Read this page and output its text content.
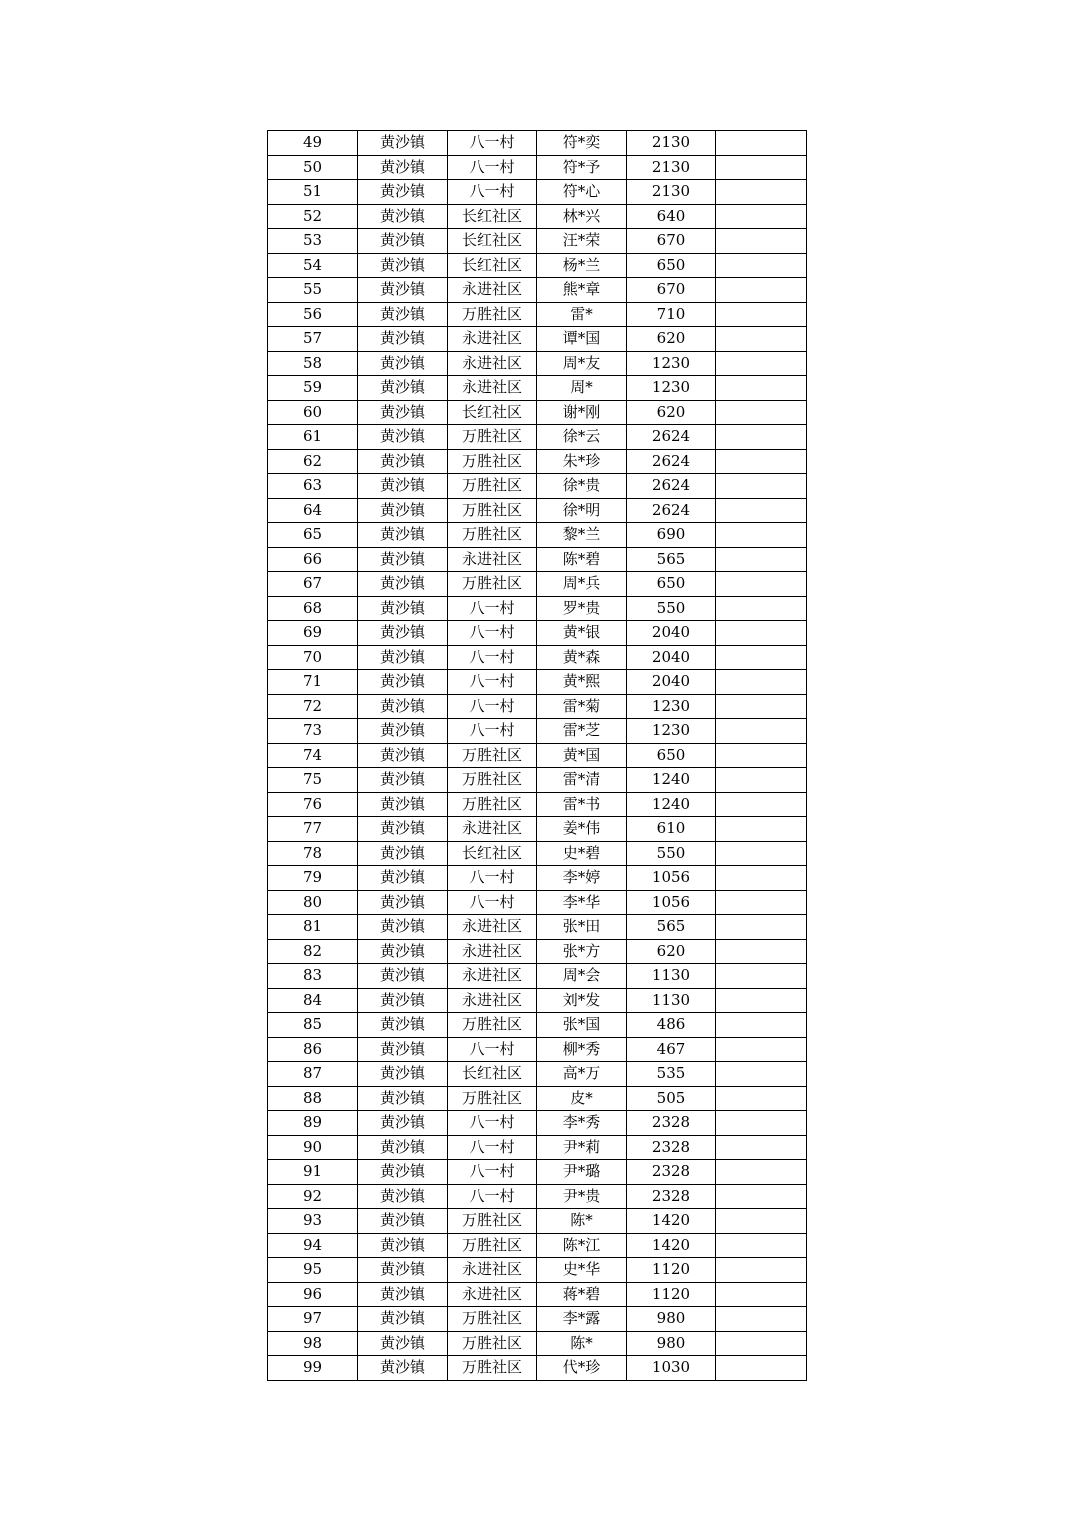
49	黄沙镇	八一村	符*奕	2130	
50	黄沙镇	八一村	符*予	2130	
51	黄沙镇	八一村	符*心	2130	
52	黄沙镇	长红社区	林*兴	640	
53	黄沙镇	长红社区	汪*荣	670	
54	黄沙镇	长红社区	杨*兰	650	
55	黄沙镇	永进社区	熊*章	670	
56	黄沙镇	万胜社区	雷*	710	
57	黄沙镇	永进社区	谭*国	620	
58	黄沙镇	永进社区	周*友	1230	
59	黄沙镇	永进社区	周*	1230	
60	黄沙镇	长红社区	谢*刚	620	
61	黄沙镇	万胜社区	徐*云	2624	
62	黄沙镇	万胜社区	朱*珍	2624	
63	黄沙镇	万胜社区	徐*贵	2624	
64	黄沙镇	万胜社区	徐*明	2624	
65	黄沙镇	万胜社区	黎*兰	690	
66	黄沙镇	永进社区	陈*碧	565	
67	黄沙镇	万胜社区	周*兵	650	
68	黄沙镇	八一村	罗*贵	550	
69	黄沙镇	八一村	黄*银	2040	
70	黄沙镇	八一村	黄*森	2040	
71	黄沙镇	八一村	黄*熙	2040	
72	黄沙镇	八一村	雷*菊	1230	
73	黄沙镇	八一村	雷*芝	1230	
74	黄沙镇	万胜社区	黄*国	650	
75	黄沙镇	万胜社区	雷*清	1240	
76	黄沙镇	万胜社区	雷*书	1240	
77	黄沙镇	永进社区	姜*伟	610	
78	黄沙镇	长红社区	史*碧	550	
79	黄沙镇	八一村	李*婷	1056	
80	黄沙镇	八一村	李*华	1056	
81	黄沙镇	永进社区	张*田	565	
82	黄沙镇	永进社区	张*方	620	
83	黄沙镇	永进社区	周*会	1130	
84	黄沙镇	永进社区	刘*发	1130	
85	黄沙镇	万胜社区	张*国	486	
86	黄沙镇	八一村	柳*秀	467	
87	黄沙镇	长红社区	高*万	535	
88	黄沙镇	万胜社区	皮*	505	
89	黄沙镇	八一村	李*秀	2328	
90	黄沙镇	八一村	尹*莉	2328	
91	黄沙镇	八一村	尹*璐	2328	
92	黄沙镇	八一村	尹*贵	2328	
93	黄沙镇	万胜社区	陈*	1420	
94	黄沙镇	万胜社区	陈*江	1420	
95	黄沙镇	永进社区	史*华	1120	
96	黄沙镇	永进社区	蒋*碧	1120	
97	黄沙镇	万胜社区	李*露	980	
98	黄沙镇	万胜社区	陈*	980	
99	黄沙镇	万胜社区	代*珍	1030	
